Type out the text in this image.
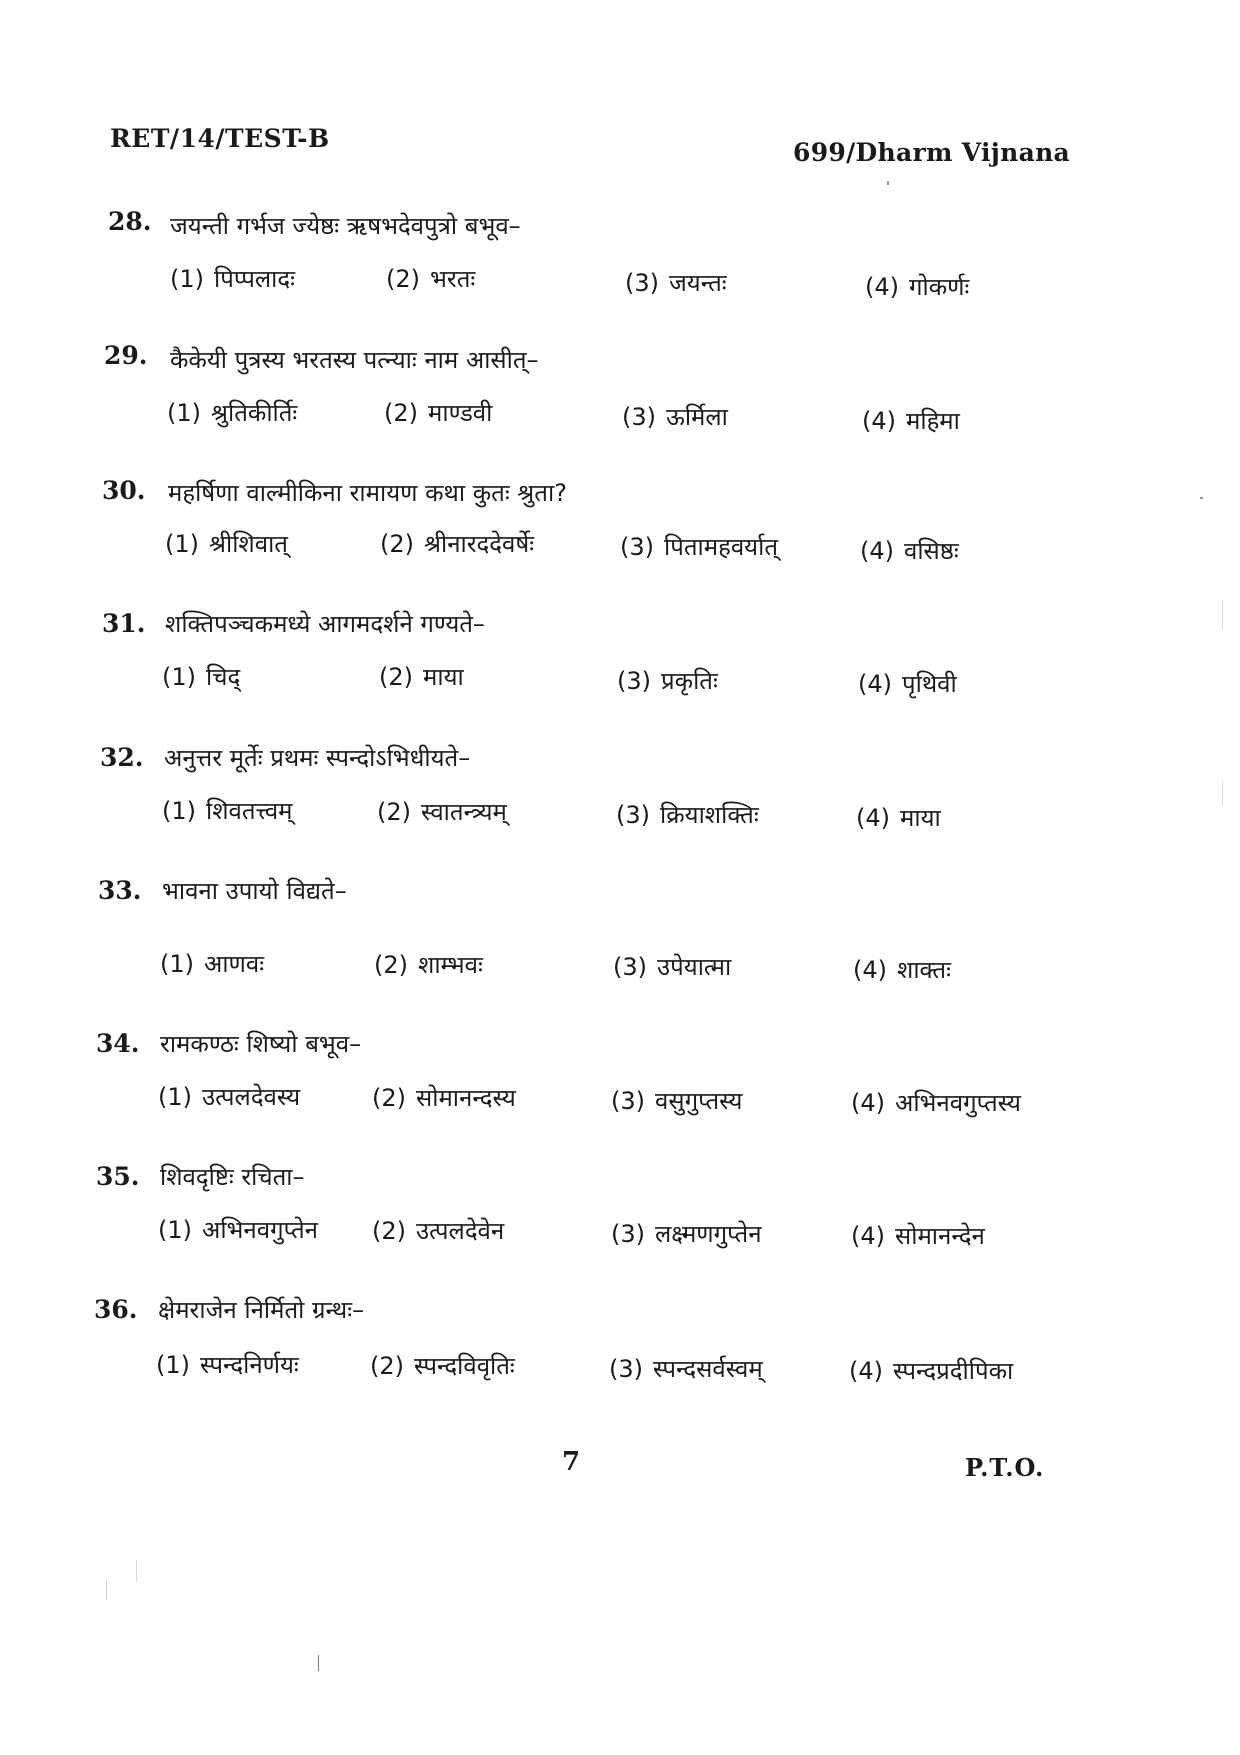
RET/14/TEST-B	699/Dharm Vijnana
28. जयन्ती गर्भज ज्येष्ठः ऋषभदेवपुत्रो बभूव–
(1) पिप्पलादः	(2) भरतः	(3) जयन्तः	(4) गोकर्णः
29. कैकेयी पुत्रस्य भरतस्य पत्न्याः नाम आसीत्–
(1) श्रुतिकीर्तिः	(2) माण्डवी	(3) ऊर्मिला	(4) महिमा
30. महर्षिणा वाल्मीकिना रामायण कथा कुतः श्रुता?
(1) श्रीशिवात्	(2) श्रीनारददेवर्षेः	(3) पितामहवर्यात्	(4) वसिष्ठः
31. शक्तिपञ्चकमध्ये आगमदर्शने गण्यते–
(1) चिद्	(2) माया	(3) प्रकृतिः	(4) पृथिवी
32. अनुत्तर मूर्तेः प्रथमः स्पन्दोऽभिधीयते–
(1) शिवतत्त्वम्	(2) स्वातन्त्र्यम्	(3) क्रियाशक्तिः	(4) माया
33. भावना उपायो विद्यते–
(1) आणवः	(2) शाम्भवः	(3) उपेयात्मा	(4) शाक्तः
34. रामकण्ठः शिष्यो बभूव–
(1) उत्पलदेवस्य	(2) सोमानन्दस्य	(3) वसुगुप्तस्य	(4) अभिनवगुप्तस्य
35. शिवदृष्टिः रचिता–
(1) अभिनवगुप्तेन (2) उत्पलदेवेन	(3) लक्ष्मणगुप्तेन	(4) सोमानन्देन
36. क्षेमराजेन निर्मितो ग्रन्थः–
(1) स्पन्दनिर्णयः	(2) स्पन्दविवृतिः	(3) स्पन्दसर्वस्वम्	(4) स्पन्दप्रदीपिका
7	P.T.O.
